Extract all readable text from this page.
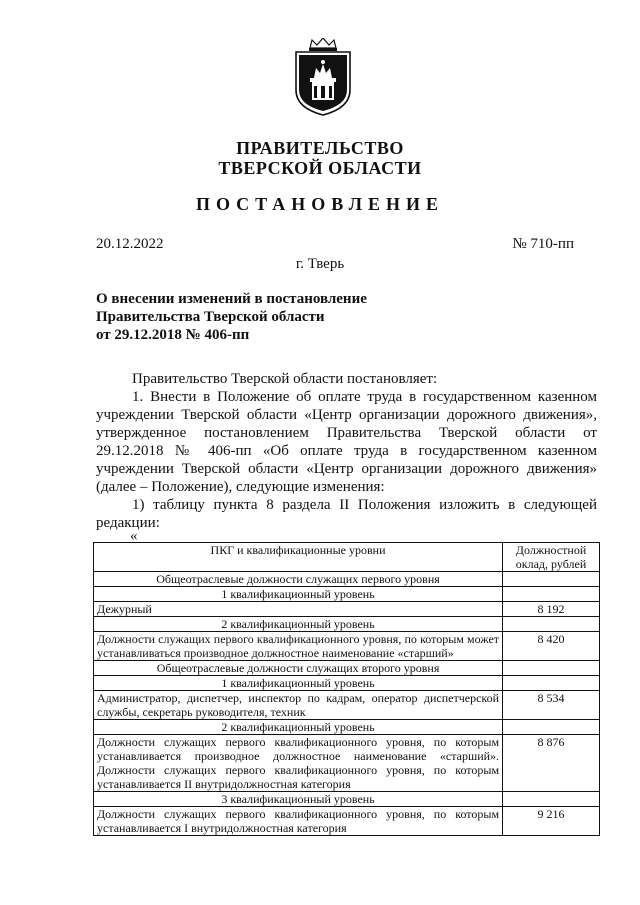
ПРАВИТЕЛЬСТВО
ТВЕРСКОЙ ОБЛАСТИ
ПОСТАНОВЛЕНИЕ
20.12.2022	№ 710-пп
г. Тверь
О внесении изменений в постановление
Правительства Тверской области
от 29.12.2018 № 406-пп

Правительство Тверской области постановляет:

1. Внести в Положение об оплате труда в государственном казенном учреждении Тверской области «Центр организации дорожного движения», утвержденное постановлением Правительства Тверской области от 29.12.2018 № 406-пп «Об оплате труда в государственном казенном учреждении Тверской области «Центр организации дорожного движения» (далее – Положение), следующие изменения:

1) таблицу пункта 8 раздела II Положения изложить в следующей редакции:

«
ПКГ и квалификационные уровни	Должностной оклад, рублей
Общеотраслевые должности служащих первого уровня	
1 квалификационный уровень	
Дежурный	8 192
2 квалификационный уровень	
Должности служащих первого квалификационного уровня, по которым может устанавливаться производное должностное наименование «старший»	8 420
Общеотраслевые должности служащих второго уровня	
1 квалификационный уровень	
Администратор, диспетчер, инспектор по кадрам, оператор диспетчерской службы, секретарь руководителя, техник	8 534
2 квалификационный уровень	
Должности служащих первого квалификационного уровня, по которым устанавливается производное должностное наименование «старший». Должности служащих первого квалификационного уровня, по которым устанавливается II внутридолжностная категория	8 876
3 квалификационный уровень	
Должности служащих первого квалификационного уровня, по которым устанавливается I внутридолжностная категория	9 216
